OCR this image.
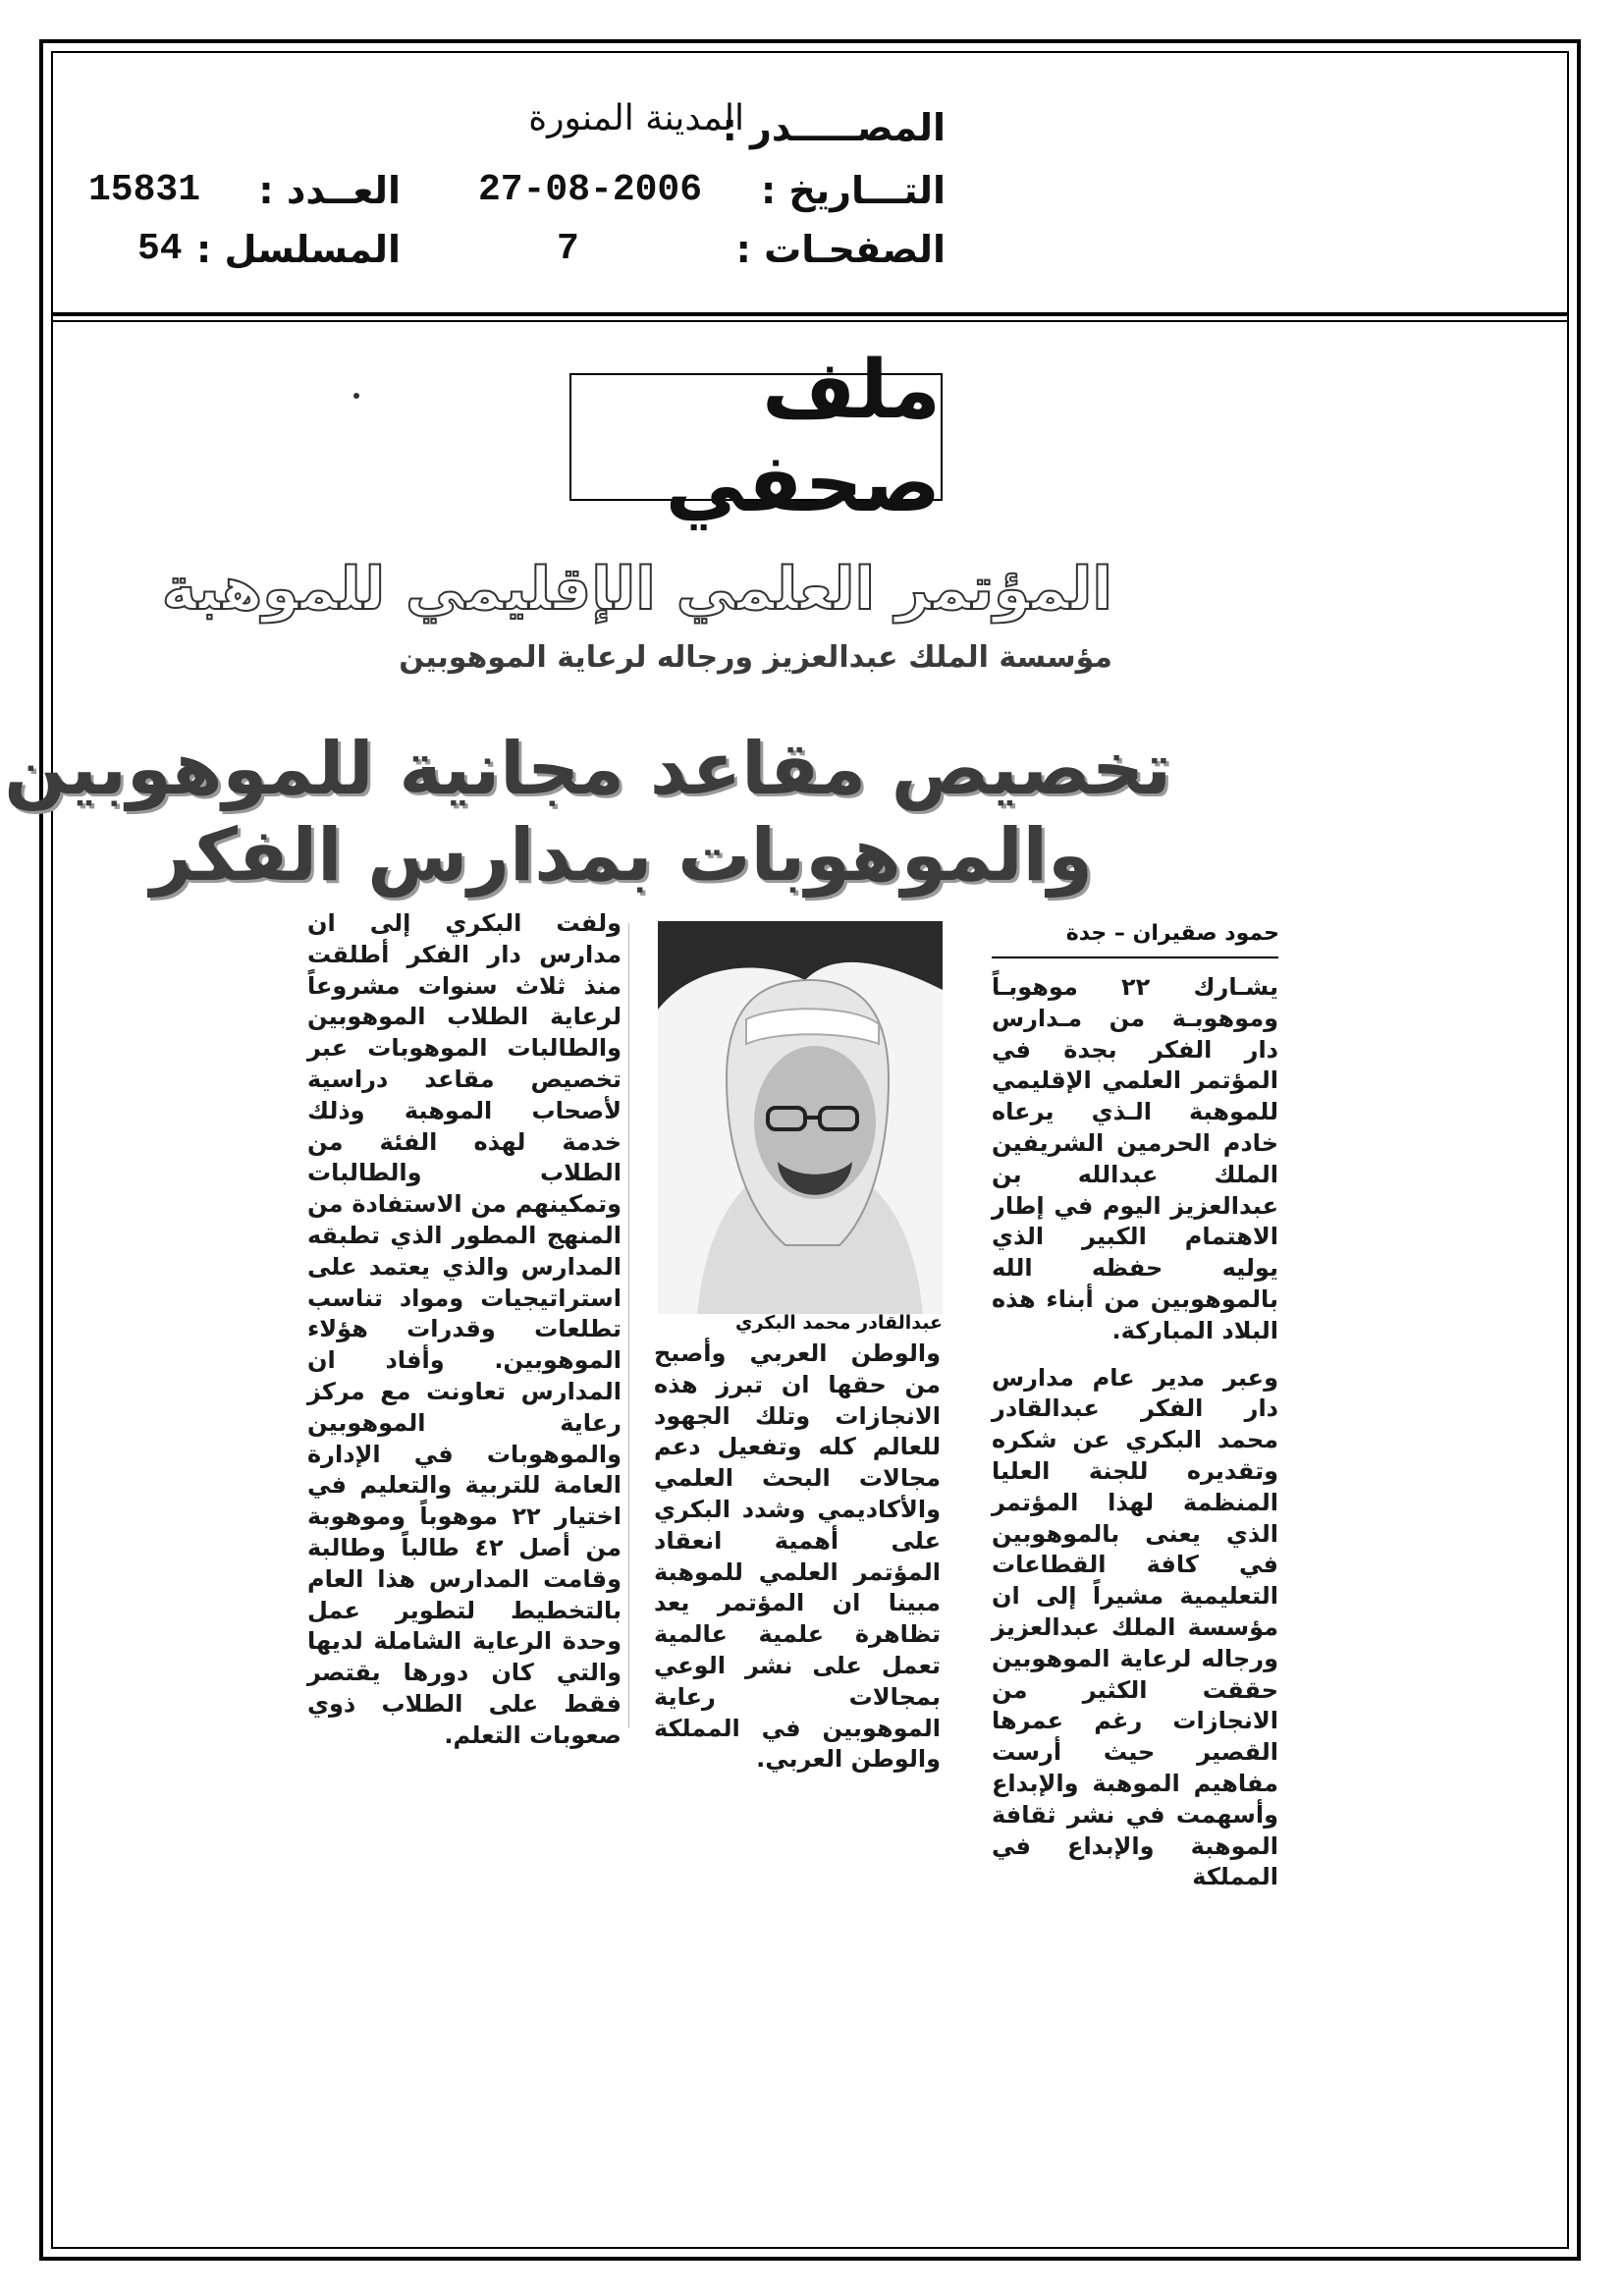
المصـــــدر :
المدينة المنورة
التـــاريخ :
27-08-2006
العــدد :
15831
الصفحـات :
7
المسلسل :
54
ملف صحفي
المؤتمر العلمي الإقليمي للموهبة
مؤسسة الملك عبدالعزيز ورجاله لرعاية الموهوبين
تخصيص مقاعد مجانية للموهوبين
والموهوبات بمدارس الفكر
حمود صقيران – جدة

يشـارك ٢٢ موهوبـاً وموهوبـة من مـدارس دار الفكر بجدة في المؤتمر العلمي الإقليمي للموهبة الـذي يرعاه خادم الحرمين الشريفين الملك عبدالله بن عبدالعزيز اليوم في إطار الاهتمام الكبير الذي يوليه حفظه الله بالموهوبين من أبناء هذه البلاد المباركة.

وعبر مدير عام مدارس دار الفكر عبدالقادر محمد البكري عن شكره وتقديره للجنة العليا المنظمة لهذا المؤتمر الذي يعنى بالموهوبين في كافة القطاعات التعليمية مشيراً إلى ان مؤسسة الملك عبدالعزيز ورجاله لرعاية الموهوبين حققت الكثير من الانجازات رغم عمرها القصير حيث أرست مفاهيم الموهبة والإبداع وأسهمت في نشر ثقافة الموهبة والإبداع في المملكة

عبدالقادر محمد البكري

والوطن العربي وأصبح من حقها ان تبرز هذه الانجازات وتلك الجهود للعالم كله وتفعيل دعم مجالات البحث العلمي والأكاديمي وشدد البكري على أهمية انعقاد المؤتمر العلمي للموهبة مبينا ان المؤتمر يعد تظاهرة علمية عالمية تعمل على نشر الوعي بمجالات رعاية الموهوبين في المملكة والوطن العربي.

ولفت البكري إلى ان مدارس دار الفكر أطلقت منذ ثلاث سنوات مشروعاً لرعاية الطلاب الموهوبين والطالبات الموهوبات عبر تخصيص مقاعد دراسية لأصحاب الموهبة وذلك خدمة لهذه الفئة من الطلاب والطالبات وتمكينهم من الاستفادة من المنهج المطور الذي تطبقه المدارس والذي يعتمد على استراتيجيات ومواد تناسب تطلعات وقدرات هؤلاء الموهوبين. وأفاد ان المدارس تعاونت مع مركز رعاية الموهوبين والموهوبات في الإدارة العامة للتربية والتعليم في اختيار ٢٢ موهوباً وموهوبة من أصل ٤٢ طالباً وطالبة وقامت المدارس هذا العام بالتخطيط لتطوير عمل وحدة الرعاية الشاملة لديها والتي كان دورها يقتصر فقط على الطلاب ذوي صعوبات التعلم.
